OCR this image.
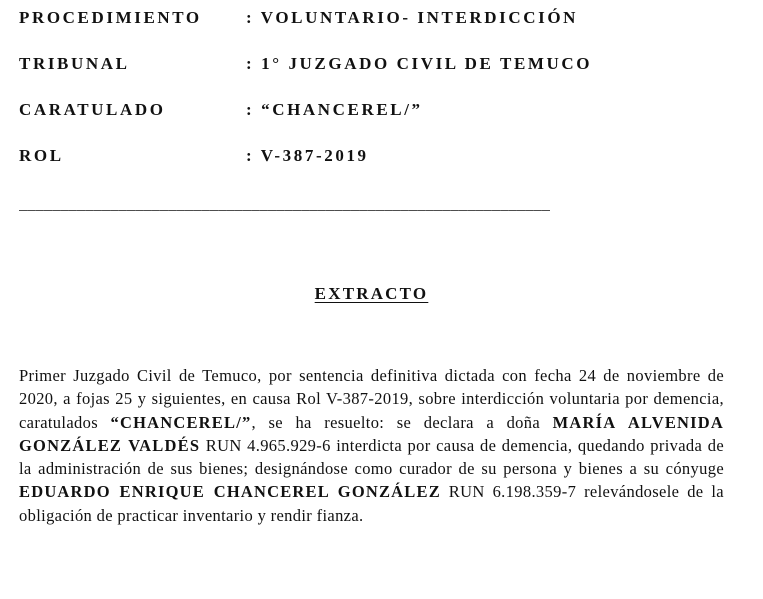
PROCEDIMIENTO	: VOLUNTARIO- INTERDICCIÓN
TRIBUNAL	: 1° JUZGADO CIVIL DE TEMUCO
CARATULADO	: “CHANCEREL/”
ROL	: V-387-2019
________________________________________________________________
EXTRACTO
Primer Juzgado Civil de Temuco, por sentencia definitiva dictada con fecha 24 de noviembre de 2020, a fojas 25 y siguientes, en causa Rol V-387-2019, sobre interdicción voluntaria por demencia, caratulados “CHANCEREL/”, se ha resuelto: se declara a doña MARÍA ALVENIDA GONZÁLEZ VALDÉS RUN 4.965.929-6 interdicta por causa de demencia, quedando privada de la administración de sus bienes; designándose como curador de su persona y bienes a su cónyuge EDUARDO ENRIQUE CHANCEREL GONZÁLEZ RUN 6.198.359-7 relevándosele de la obligación de practicar inventario y rendir fianza.
